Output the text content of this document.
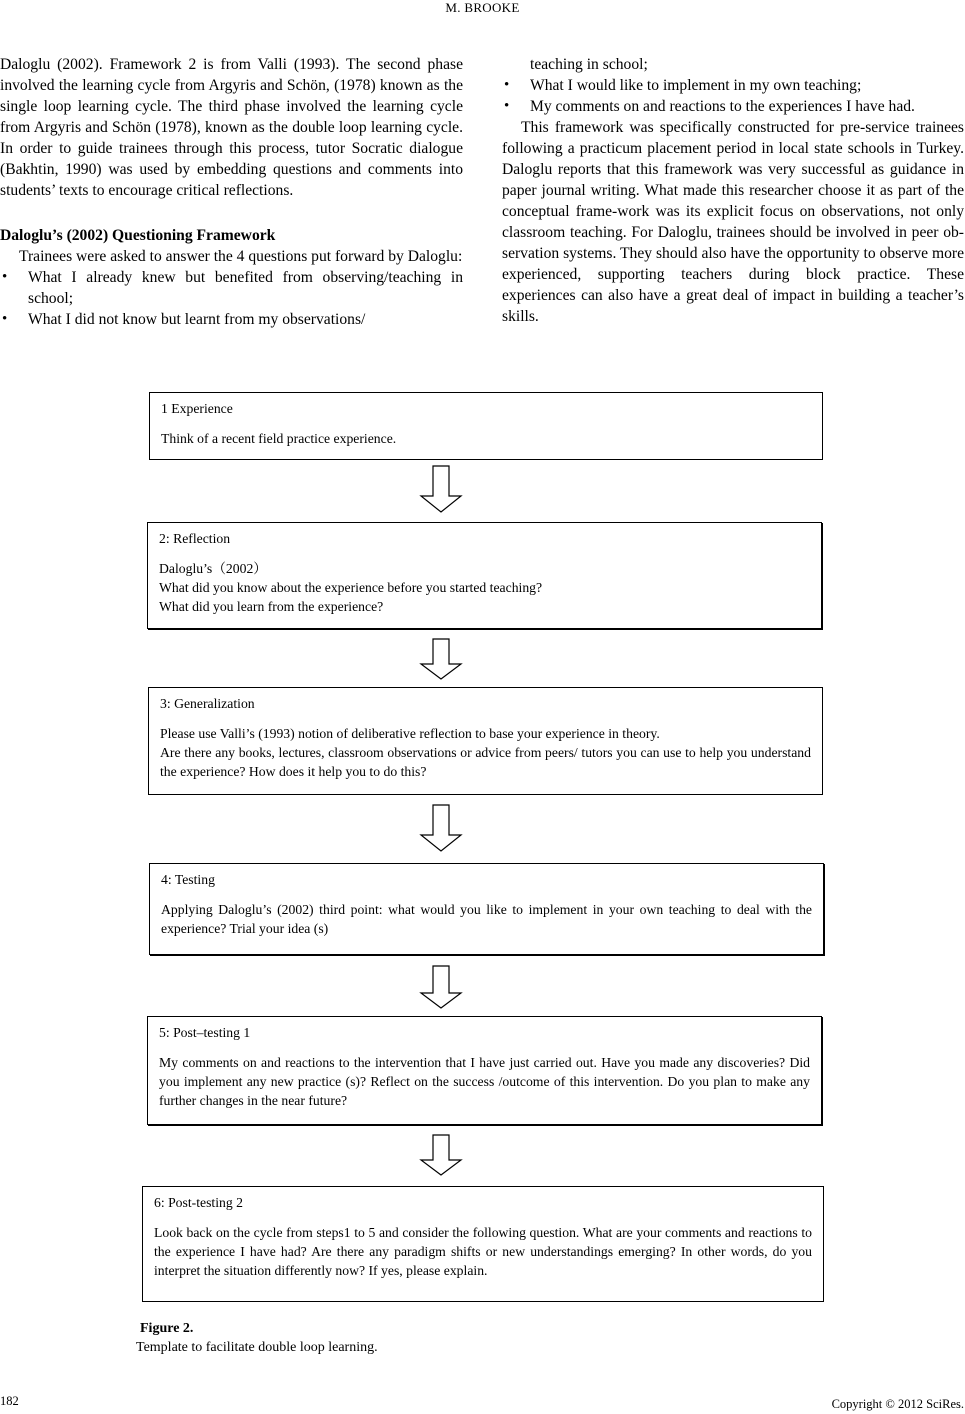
M. BROOKE

Daloglu (2002). Framework 2 is from Valli (1993). The second phase involved the learning cycle from Argyris and Schön, (1978) known as the single loop learning cycle. The third phase involved the learning cycle from Argyris and Schön (1978), known as the double loop learning cycle. In order to guide trainees through this process, tutor Socratic dialogue (Bakhtin, 1990) was used by embedding questions and comments into students’ texts to encourage critical reflections.

Daloglu’s (2002) Questioning Framework

Trainees were asked to answer the 4 questions put forward by Daloglu:

• What I already knew but benefited from observing/teaching in school;
• What I did not know but learnt from my observations/

teaching in school;

• What I would like to implement in my own teaching;
• My comments on and reactions to the experiences I have had.

This framework was specifically constructed for pre-service trainees following a practicum placement period in local state schools in Turkey. Daloglu reports that this framework was very successful as guidance in paper journal writing. What made this researcher choose it as part of the conceptual frame-work was its explicit focus on observations, not only classroom teaching. For Daloglu, trainees should be involved in peer ob-servation systems. They should also have the opportunity to observe more experienced, supporting teachers during block practice. These experiences can also have a great deal of impact in building a teacher’s skills.

1 Experience

Think of a recent field practice experience.

2: Reflection

Daloglu’s（2002）

What did you know about the experience before you started teaching?

What did you learn from the experience?

3: Generalization

Please use Valli’s (1993) notion of deliberative reflection to base your experience in theory.

Are there any books, lectures, classroom observations or advice from peers/ tutors you can use to help you understand the experience? How does it help you to do this?

4: Testing

Applying Daloglu’s (2002) third point: what would you like to implement in your own teaching to deal with the experience? Trial your idea (s)

5: Post–testing 1

My comments on and reactions to the intervention that I have just carried out. Have you made any discoveries? Did you implement any new practice (s)? Reflect on the success /outcome of this intervention. Do you plan to make any further changes in the near future?

6: Post-testing 2

Look back on the cycle from steps1 to 5 and consider the following question. What are your comments and reactions to the experience I have had? Are there any paradigm shifts or new understandings emerging? In other words, do you interpret the situation differently now? If yes, please explain.

Figure 2.
Template to facilitate double loop learning.
182	Copyright © 2012 SciRes.
